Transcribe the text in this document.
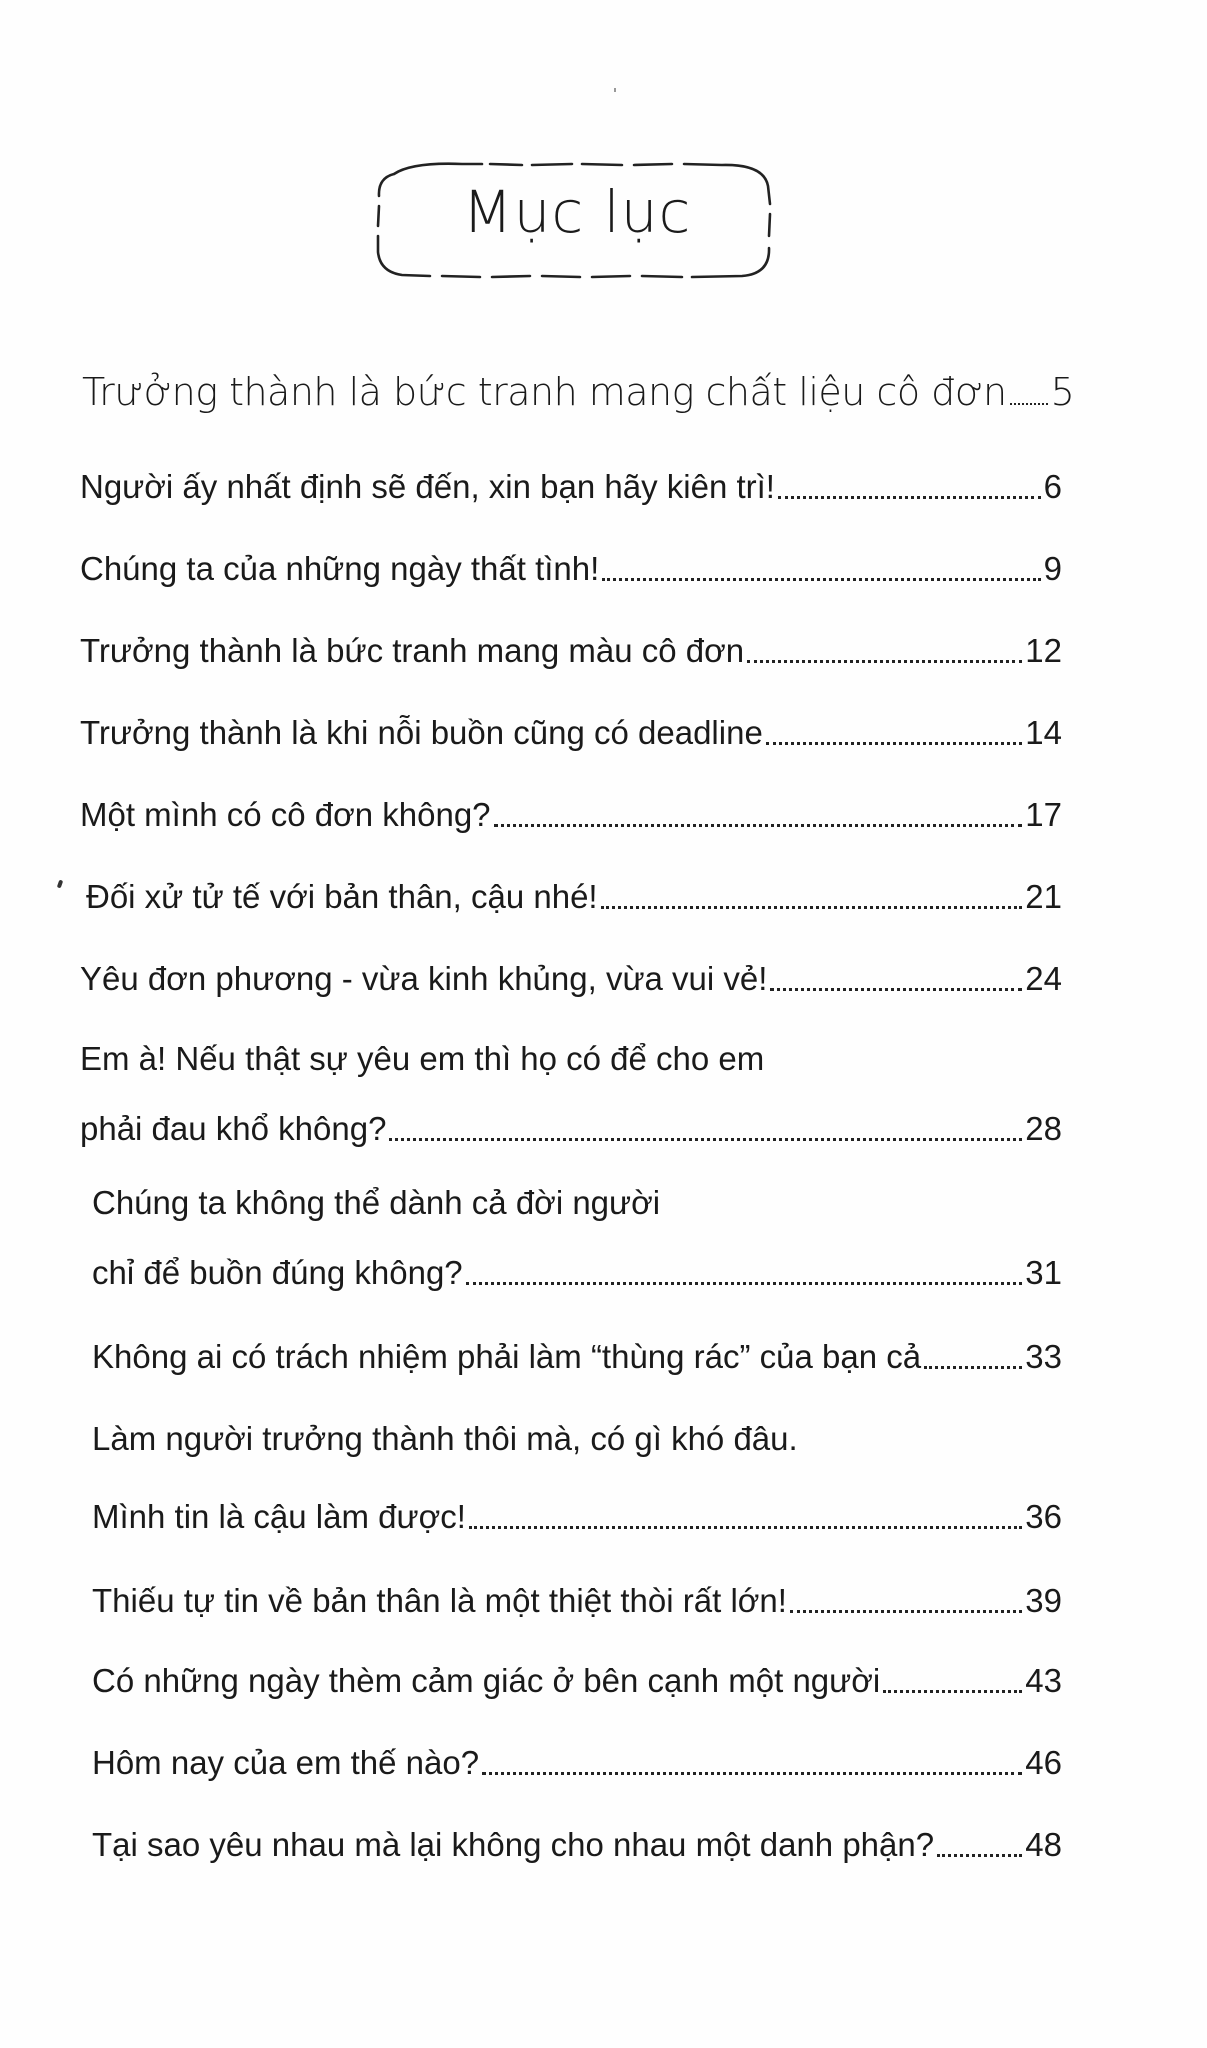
Mục lục
Trưởng thành là bức tranh mang chất liệu cô đơn 5
Người ấy nhất định sẽ đến, xin bạn hãy kiên trì!	6
Chúng ta của những ngày thất tình!	9
Trưởng thành là bức tranh mang màu cô đơn	12
Trưởng thành là khi nỗi buồn cũng có deadline	14
Một mình có cô đơn không?	17
Đối xử tử tế với bản thân, cậu nhé!	21
Yêu đơn phương - vừa kinh khủng, vừa vui vẻ!	24
Em à! Nếu thật sự yêu em thì họ có để cho em
phải đau khổ không?	28
Chúng ta không thể dành cả đời người
chỉ để buồn đúng không?	31
Không ai có trách nhiệm phải làm “thùng rác” của bạn cả	33
Làm người trưởng thành thôi mà, có gì khó đâu.
Mình tin là cậu làm được!	36
Thiếu tự tin về bản thân là một thiệt thòi rất lớn!	39
Có những ngày thèm cảm giác ở bên cạnh một người	43
Hôm nay của em thế nào?	46
Tại sao yêu nhau mà lại không cho nhau một danh phận?	48
